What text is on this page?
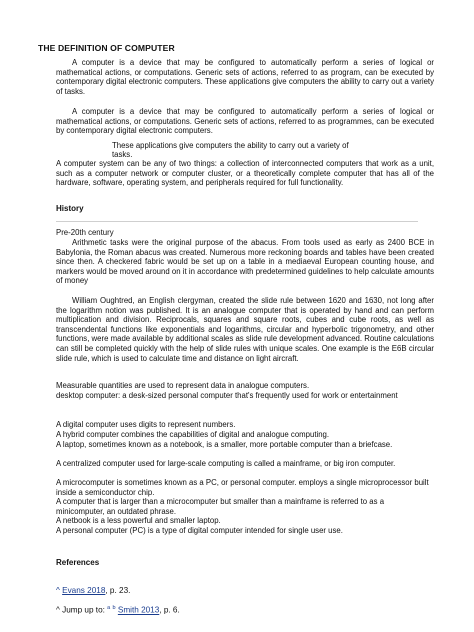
THE DEFINITION OF COMPUTER
A computer is a device that may be configured to automatically perform a series of logical or mathematical actions, or computations. Generic sets of actions, referred to as program, can be executed by contemporary digital electronic computers. These applications give computers the ability to carry out a variety of tasks.
A computer is a device that may be configured to automatically perform a series of logical or mathematical actions, or computations. Generic sets of actions, referred to as programmes, can be executed by contemporary digital electronic computers.
These applications give computers the ability to carry out a variety of
tasks.
A computer system can be any of two things: a collection of interconnected computers that work as a unit, such as a computer network or computer cluster, or a theoretically complete computer that has all of the hardware, software, operating system, and peripherals required for full functionality.
History
Pre-20th century
Arithmetic tasks were the original purpose of the abacus. From tools used as early as 2400 BCE in Babylonia, the Roman abacus was created. Numerous more reckoning boards and tables have been created since then. A checkered fabric would be set up on a table in a mediaeval European counting house, and markers would be moved around on it in accordance with predetermined guidelines to help calculate amounts of money
William Oughtred, an English clergyman, created the slide rule between 1620 and 1630, not long after the logarithm notion was published. It is an analogue computer that is operated by hand and can perform multiplication and division. Reciprocals, squares and square roots, cubes and cube roots, as well as transcendental functions like exponentials and logarithms, circular and hyperbolic trigonometry, and other functions, were made available by additional scales as slide rule development advanced. Routine calculations can still be completed quickly with the help of slide rules with unique scales. One example is the E6B circular slide rule, which is used to calculate time and distance on light aircraft.
Measurable quantities are used to represent data in analogue computers.
desktop computer: a desk-sized personal computer that's frequently used for work or entertainment
A digital computer uses digits to represent numbers.
A hybrid computer combines the capabilities of digital and analogue computing.
A laptop, sometimes known as a notebook, is a smaller, more portable computer than a briefcase.
A centralized computer used for large-scale computing is called a mainframe, or big iron computer.
A microcomputer is sometimes known as a PC, or personal computer. employs a single microprocessor built inside a semiconductor chip.
A computer that is larger than a microcomputer but smaller than a mainframe is referred to as a minicomputer, an outdated phrase.
A netbook is a less powerful and smaller laptop.
A personal computer (PC) is a type of digital computer intended for single user use.
References
^ Evans 2018, p. 23.
^ Jump up to: $^a$ $^b$ Smith 2013, p. 6.
